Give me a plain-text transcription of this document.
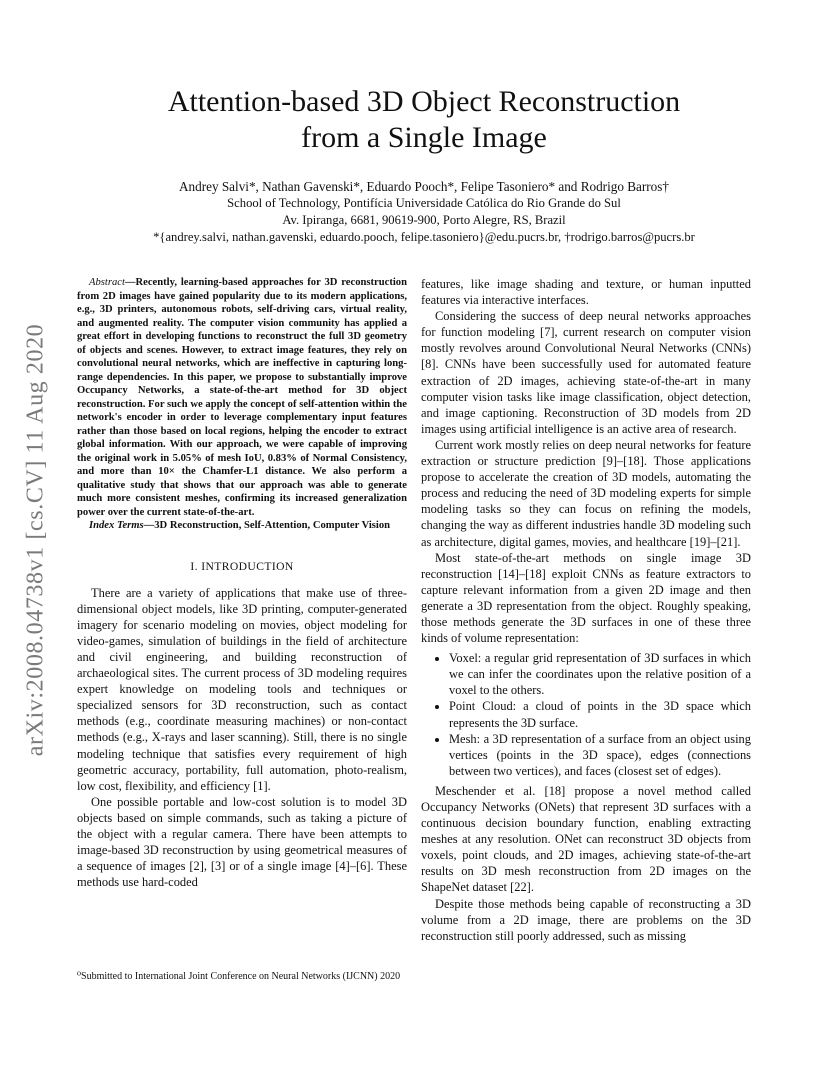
arXiv:2008.04738v1 [cs.CV] 11 Aug 2020
Attention-based 3D Object Reconstruction
from a Single Image
Andrey Salvi*, Nathan Gavenski*, Eduardo Pooch*, Felipe Tasoniero* and Rodrigo Barros†
School of Technology, Pontifícia Universidade Católica do Rio Grande do Sul
Av. Ipiranga, 6681, 90619-900, Porto Alegre, RS, Brazil
*{andrey.salvi, nathan.gavenski, eduardo.pooch, felipe.tasoniero}@edu.pucrs.br, †rodrigo.barros@pucrs.br

Abstract—Recently, learning-based approaches for 3D reconstruction from 2D images have gained popularity due to its modern applications, e.g., 3D printers, autonomous robots, self-driving cars, virtual reality, and augmented reality. The computer vision community has applied a great effort in developing functions to reconstruct the full 3D geometry of objects and scenes. However, to extract image features, they rely on convolutional neural networks, which are ineffective in capturing long-range dependencies. In this paper, we propose to substantially improve Occupancy Networks, a state-of-the-art method for 3D object reconstruction. For such we apply the concept of self-attention within the network's encoder in order to leverage complementary input features rather than those based on local regions, helping the encoder to extract global information. With our approach, we were capable of improving the original work in 5.05% of mesh IoU, 0.83% of Normal Consistency, and more than 10× the Chamfer-L1 distance. We also perform a qualitative study that shows that our approach was able to generate much more consistent meshes, confirming its increased generalization power over the current state-of-the-art.

Index Terms—3D Reconstruction, Self-Attention, Computer Vision

I. INTRODUCTION

There are a variety of applications that make use of three-dimensional object models, like 3D printing, computer-generated imagery for scenario modeling on movies, object modeling for video-games, simulation of buildings in the field of architecture and civil engineering, and building reconstruction of archaeological sites. The current process of 3D modeling requires expert knowledge on modeling tools and techniques or specialized sensors for 3D reconstruction, such as contact methods (e.g., coordinate measuring machines) or non-contact methods (e.g., X-rays and laser scanning). Still, there is no single modeling technique that satisfies every requirement of high geometric accuracy, portability, full automation, photo-realism, low cost, flexibility, and efficiency [1].

One possible portable and low-cost solution is to model 3D objects based on simple commands, such as taking a picture of the object with a regular camera. There have been attempts to image-based 3D reconstruction by using geometrical measures of a sequence of images [2], [3] or of a single image [4]–[6]. These methods use hard-coded

⁰Submitted to International Joint Conference on Neural Networks (IJCNN) 2020

features, like image shading and texture, or human inputted features via interactive interfaces.

Considering the success of deep neural networks approaches for function modeling [7], current research on computer vision mostly revolves around Convolutional Neural Networks (CNNs) [8]. CNNs have been successfully used for automated feature extraction of 2D images, achieving state-of-the-art in many computer vision tasks like image classification, object detection, and image captioning. Reconstruction of 3D models from 2D images using artificial intelligence is an active area of research.

Current work mostly relies on deep neural networks for feature extraction or structure prediction [9]–[18]. Those applications propose to accelerate the creation of 3D models, automating the process and reducing the need of 3D modeling experts for simple modeling tasks so they can focus on refining the models, changing the way as different industries handle 3D modeling such as architecture, digital games, movies, and healthcare [19]–[21].

Most state-of-the-art methods on single image 3D reconstruction [14]–[18] exploit CNNs as feature extractors to capture relevant information from a given 2D image and then generate a 3D representation from the object. Roughly speaking, those methods generate the 3D surfaces in one of these three kinds of volume representation:

• Voxel: a regular grid representation of 3D surfaces in which we can infer the coordinates upon the relative position of a voxel to the others.
• Point Cloud: a cloud of points in the 3D space which represents the 3D surface.
• Mesh: a 3D representation of a surface from an object using vertices (points in the 3D space), edges (connections between two vertices), and faces (closest set of edges).

Meschender et al. [18] propose a novel method called Occupancy Networks (ONets) that represent 3D surfaces with a continuous decision boundary function, enabling extracting meshes at any resolution. ONet can reconstruct 3D objects from voxels, point clouds, and 2D images, achieving state-of-the-art results on 3D mesh reconstruction from 2D images on the ShapeNet dataset [22].

Despite those methods being capable of reconstructing a 3D volume from a 2D image, there are problems on the 3D reconstruction still poorly addressed, such as missing
